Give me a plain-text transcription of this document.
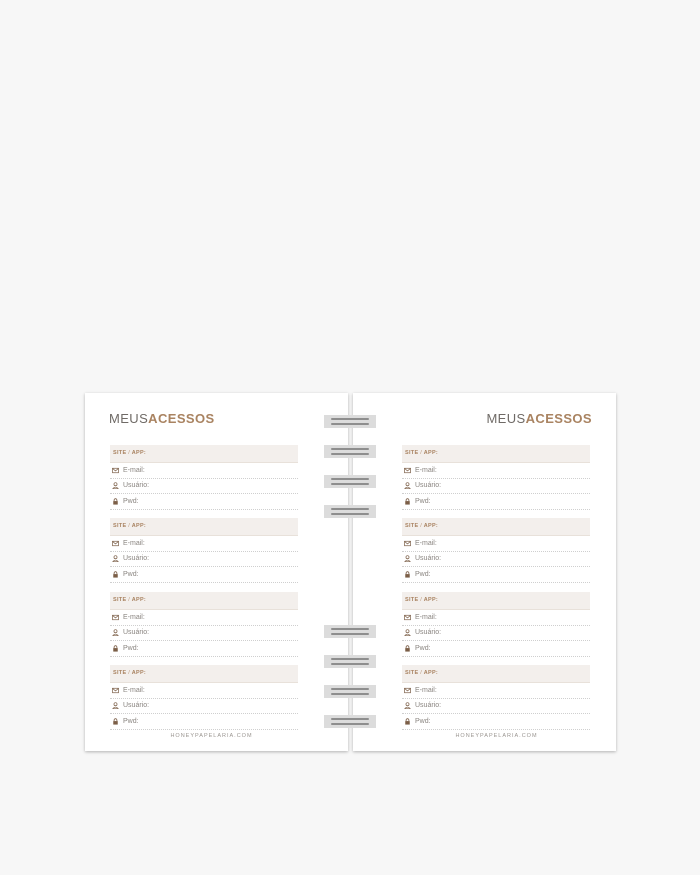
MEUSACESSOS
SITE / APP:
E-mail:
Usuário:
Pwd:
SITE / APP:
E-mail:
Usuário:
Pwd:
SITE / APP:
E-mail:
Usuário:
Pwd:
SITE / APP:
E-mail:
Usuário:
Pwd:
HONEYPAPELARIA.COM
MEUSACESSOS
SITE / APP:
E-mail:
Usuário:
Pwd:
SITE / APP:
E-mail:
Usuário:
Pwd:
SITE / APP:
E-mail:
Usuário:
Pwd:
SITE / APP:
E-mail:
Usuário:
Pwd:
HONEYPAPELARIA.COM
